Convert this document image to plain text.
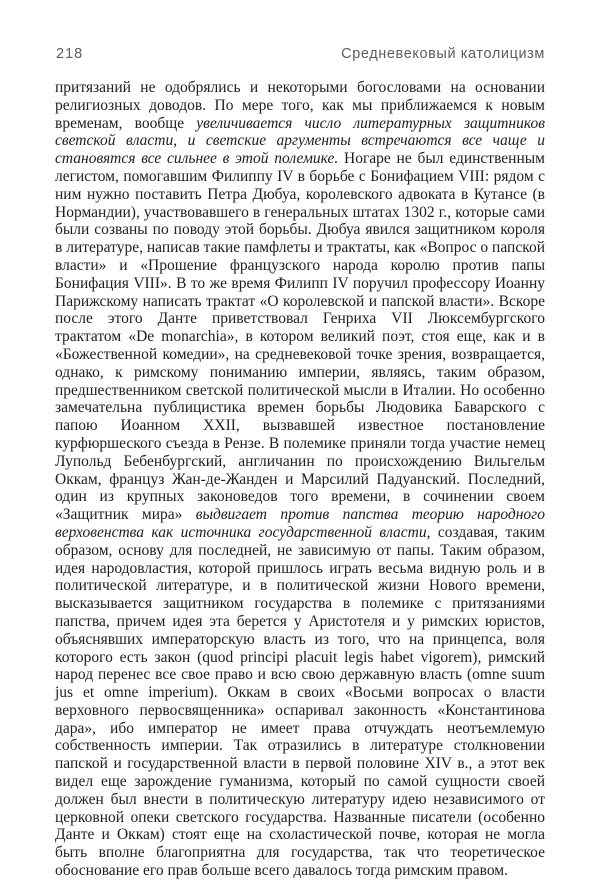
218	Средневековый католицизм

притязаний не одобрялись и некоторыми богословами на основании религиозных доводов. По мере того, как мы приближаемся к новым временам, вообще увеличивается число литературных защитников светской власти, и светские аргументы встречаются все чаще и становятся все сильнее в этой полемике. Ногаре не был единственным легистом, помогавшим Филиппу IV в борьбе с Бонифацием VIII: рядом с ним нужно поставить Петра Дюбуа, королевского адвоката в Кутансе (в Нормандии), участвовавшего в генеральных штатах 1302 г., которые сами были созваны по поводу этой борьбы. Дюбуа явился защитником короля в литературе, написав такие памфлеты и трактаты, как «Вопрос о папской власти» и «Прошение французского народа королю против папы Бонифация VIII». В то же время Филипп IV поручил профессору Иоанну Парижскому написать трактат «О королевской и папской власти». Вскоре после этого Данте приветствовал Генриха VII Люксембургского трактатом «De monarchia», в котором великий поэт, стоя еще, как и в «Божественной комедии», на средневековой точке зрения, возвращается, однако, к римскому пониманию империи, являясь, таким образом, предшественником светской политической мысли в Италии. Но особенно замечательна публицистика времен борьбы Людовика Баварского с папою Иоанном XXII, вызвавшей известное постановление курфюршеского съезда в Рензе. В полемике приняли тогда участие немец Лупольд Бебенбургский, англичанин по происхождению Вильгельм Оккам, француз Жан-де-Жанден и Марсилий Падуанский. Последний, один из крупных законоведов того времени, в сочинении своем «Защитник мира» выдвигает против папства теорию народного верховенства как источника государственной власти, создавая, таким образом, основу для последней, не зависимую от папы. Таким образом, идея народовластия, которой пришлось играть весьма видную роль и в политической литературе, и в политической жизни Нового времени, высказывается защитником государства в полемике с притязаниями папства, причем идея эта берется у Аристотеля и у римских юристов, объяснявших императорскую власть из того, что на принцепса, воля которого есть закон (quod principi placuit legis habet vigorem), римский народ перенес все свое право и всю свою державную власть (omne suum jus et omne imperium). Оккам в своих «Восьми вопросах о власти верховного первосвященника» оспаривал законность «Константинова дара», ибо император не имеет права отчуждать неотъемлемую собственность империи. Так отразились в литературе столкновении папской и государственной власти в первой половине XIV в., а этот век видел еще зарождение гуманизма, который по самой сущности своей должен был внести в политическую литературу идею независимого от церковной опеки светского государства. Названные писатели (особенно Данте и Оккам) стоят еще на схоластической почве, которая не могла быть вполне благоприятна для государства, так что теоретическое обоснование его прав больше всего давалось тогда римским правом.
